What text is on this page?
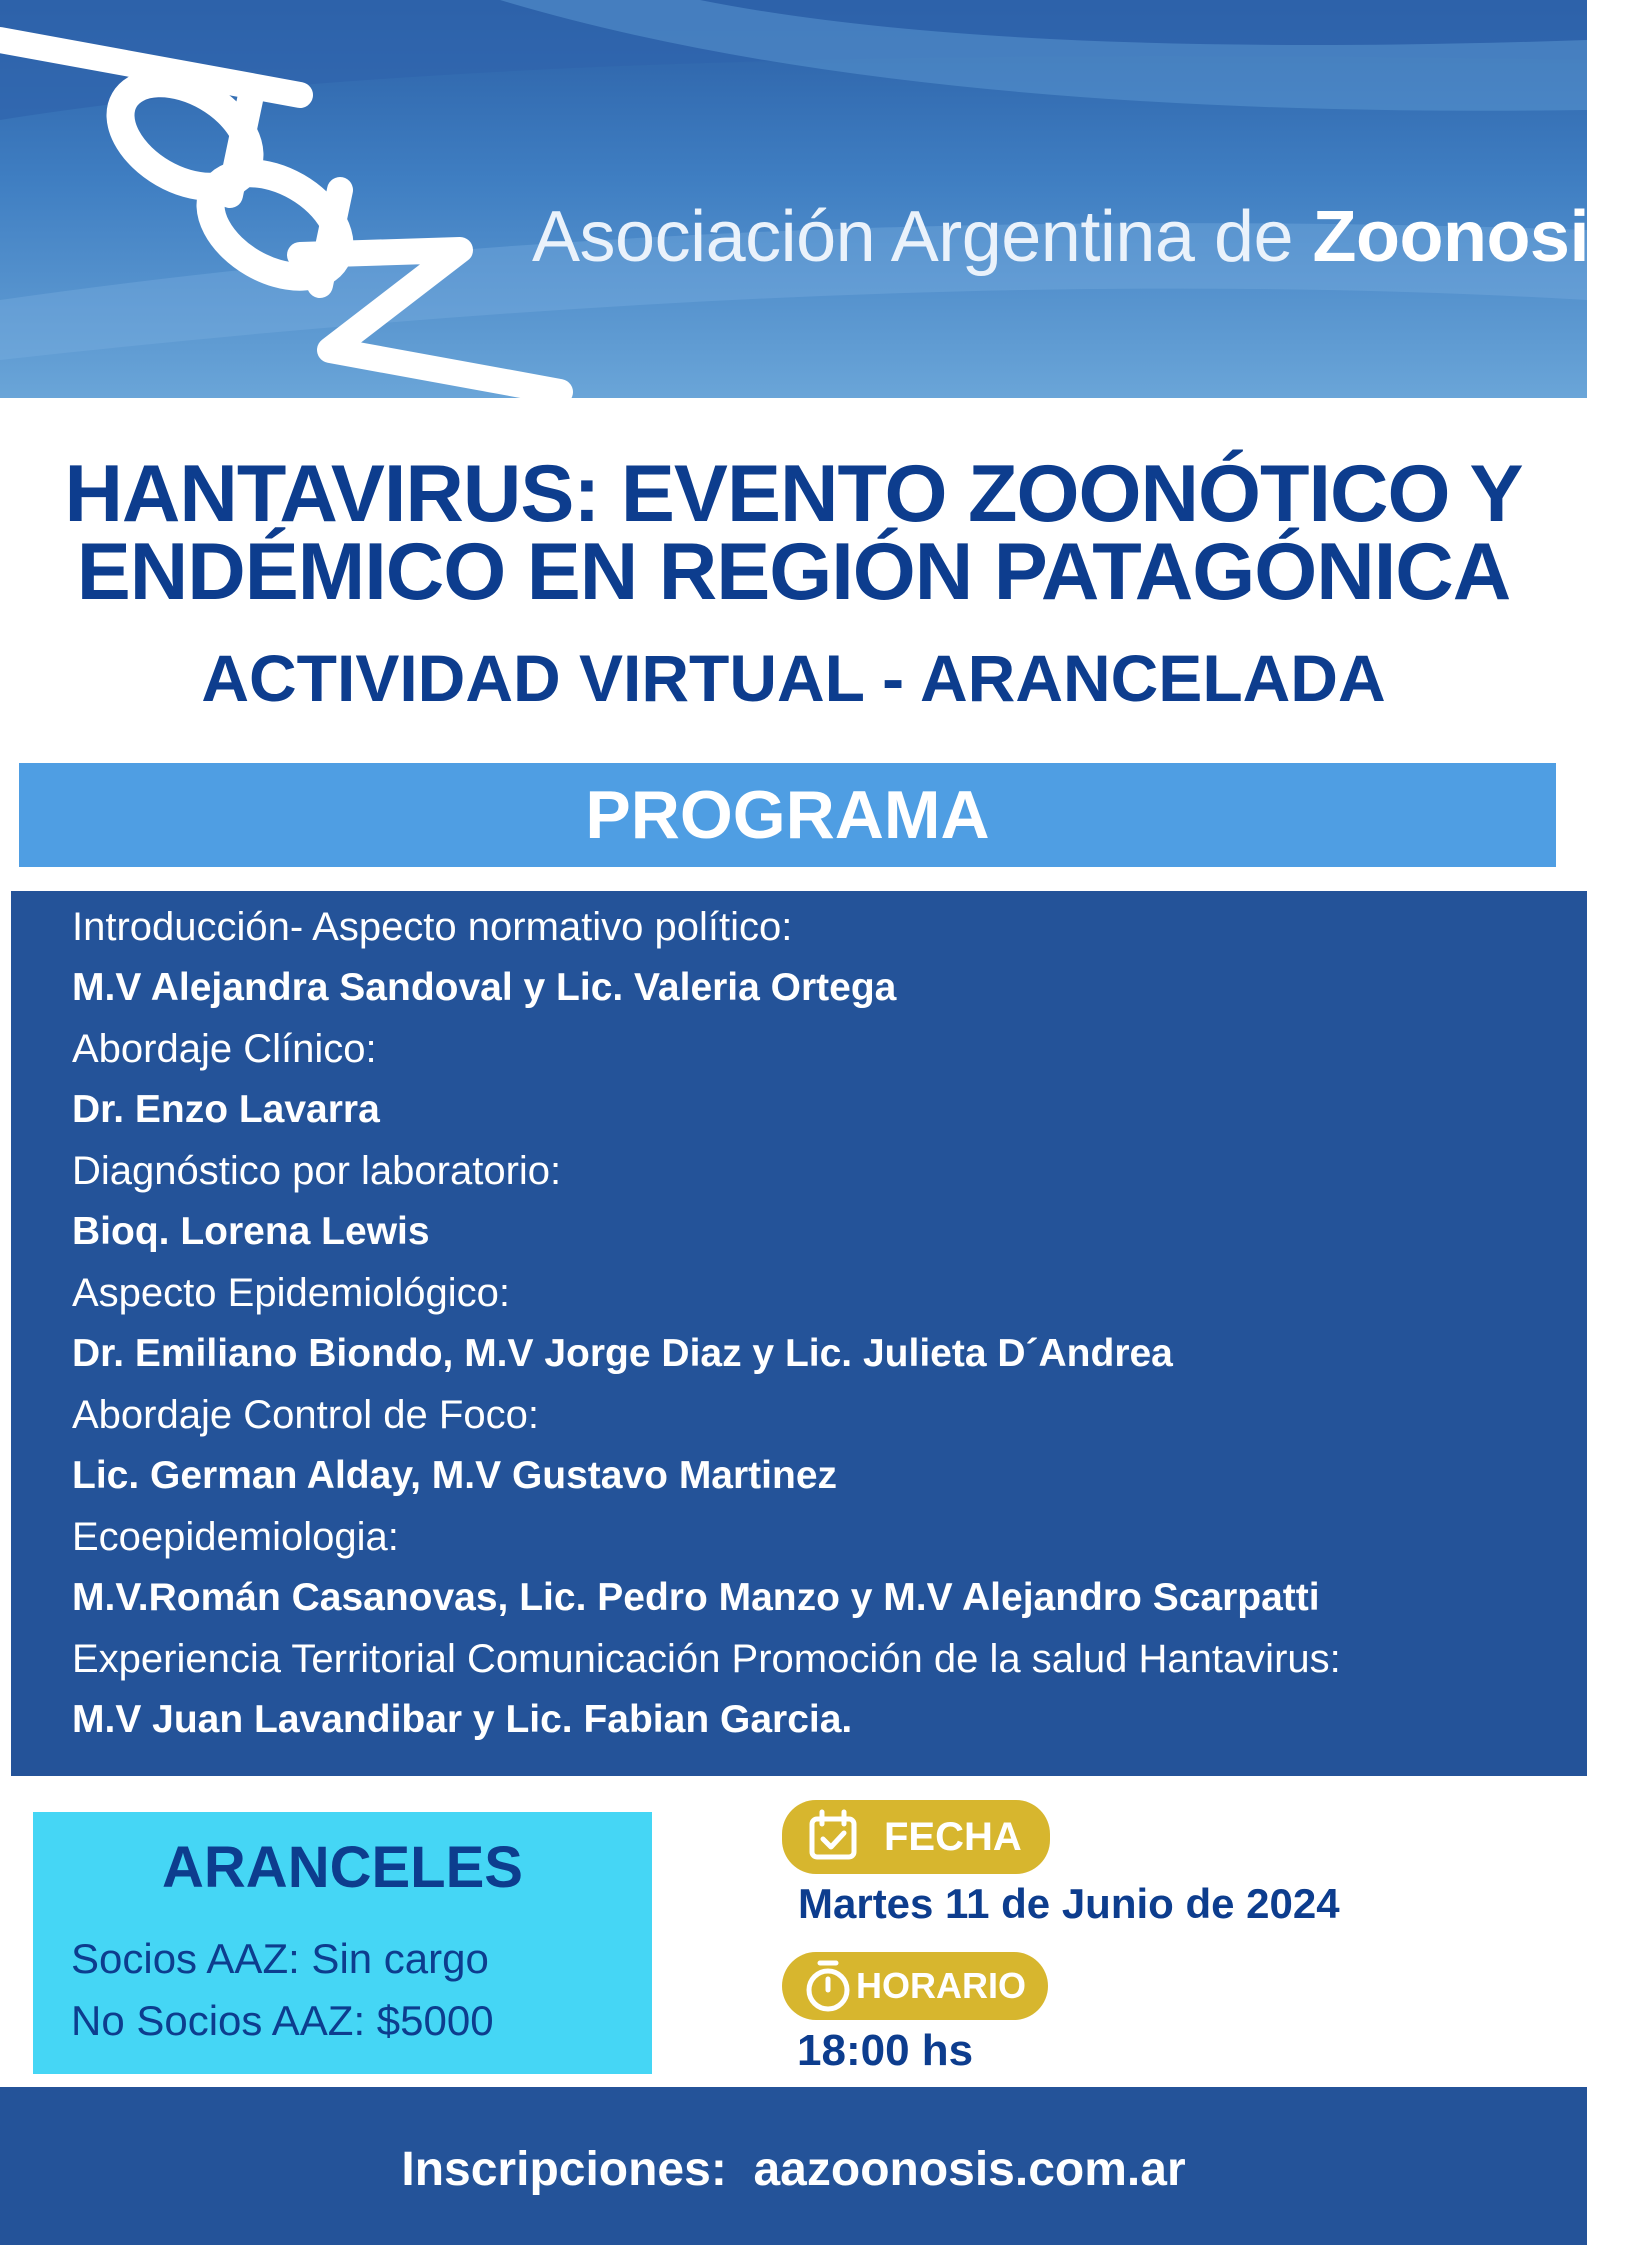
Asociación Argentina de Zoonosis
HANTAVIRUS: EVENTO ZOONÓTICO Y
ENDÉMICO EN REGIÓN PATAGÓNICA
ACTIVIDAD VIRTUAL - ARANCELADA
PROGRAMA
Introducción- Aspecto normativo político:
M.V Alejandra Sandoval y Lic. Valeria Ortega
Abordaje Clínico:
Dr. Enzo Lavarra
Diagnóstico por laboratorio:
Bioq. Lorena Lewis
Aspecto Epidemiológico:
Dr. Emiliano Biondo, M.V Jorge Diaz y Lic. Julieta D´Andrea
Abordaje Control de Foco:
Lic. German Alday, M.V Gustavo Martinez
Ecoepidemiologia:
M.V.Román Casanovas, Lic. Pedro Manzo y M.V Alejandro Scarpatti
Experiencia Territorial Comunicación Promoción de la salud Hantavirus:
M.V Juan Lavandibar y Lic. Fabian Garcia.
ARANCELES
Socios AAZ: Sin cargo
No Socios AAZ: $5000
FECHA
Martes 11 de Junio de 2024
HORARIO
18:00 hs
Inscripciones:  aazoonosis.com.ar
